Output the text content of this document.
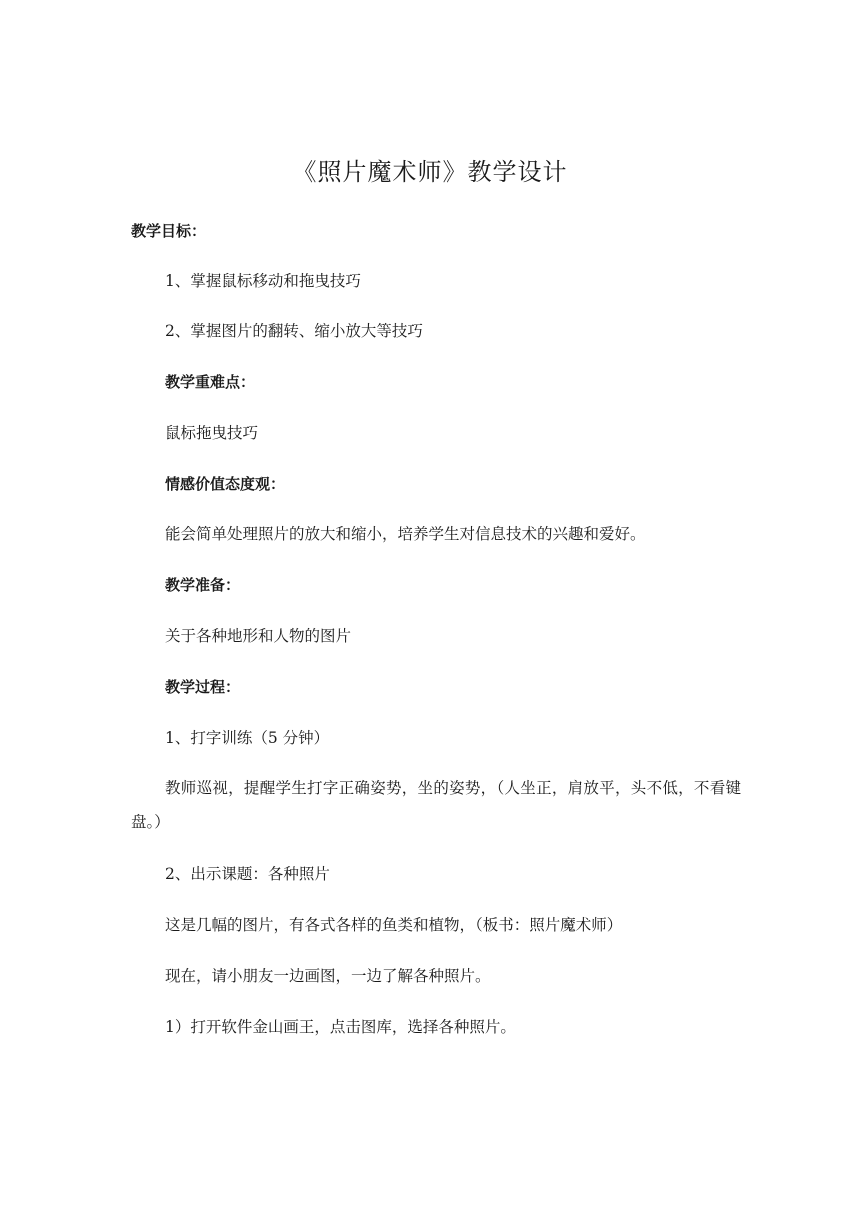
《照片魔术师》教学设计
教学目标：
1、掌握鼠标移动和拖曳技巧
2、掌握图片的翻转、缩小放大等技巧
教学重难点：
鼠标拖曳技巧
情感价值态度观：
能会简单处理照片的放大和缩小，培养学生对信息技术的兴趣和爱好。
教学准备：
关于各种地形和人物的图片
教学过程：
1、打字训练（5 分钟）
教师巡视，提醒学生打字正确姿势，坐的姿势，（人坐正，肩放平，头不低，不看键盘。）
2、出示课题：各种照片
这是几幅的图片，有各式各样的鱼类和植物，（板书：照片魔术师）
现在，请小朋友一边画图，一边了解各种照片。
1）打开软件金山画王，点击图库，选择各种照片。
